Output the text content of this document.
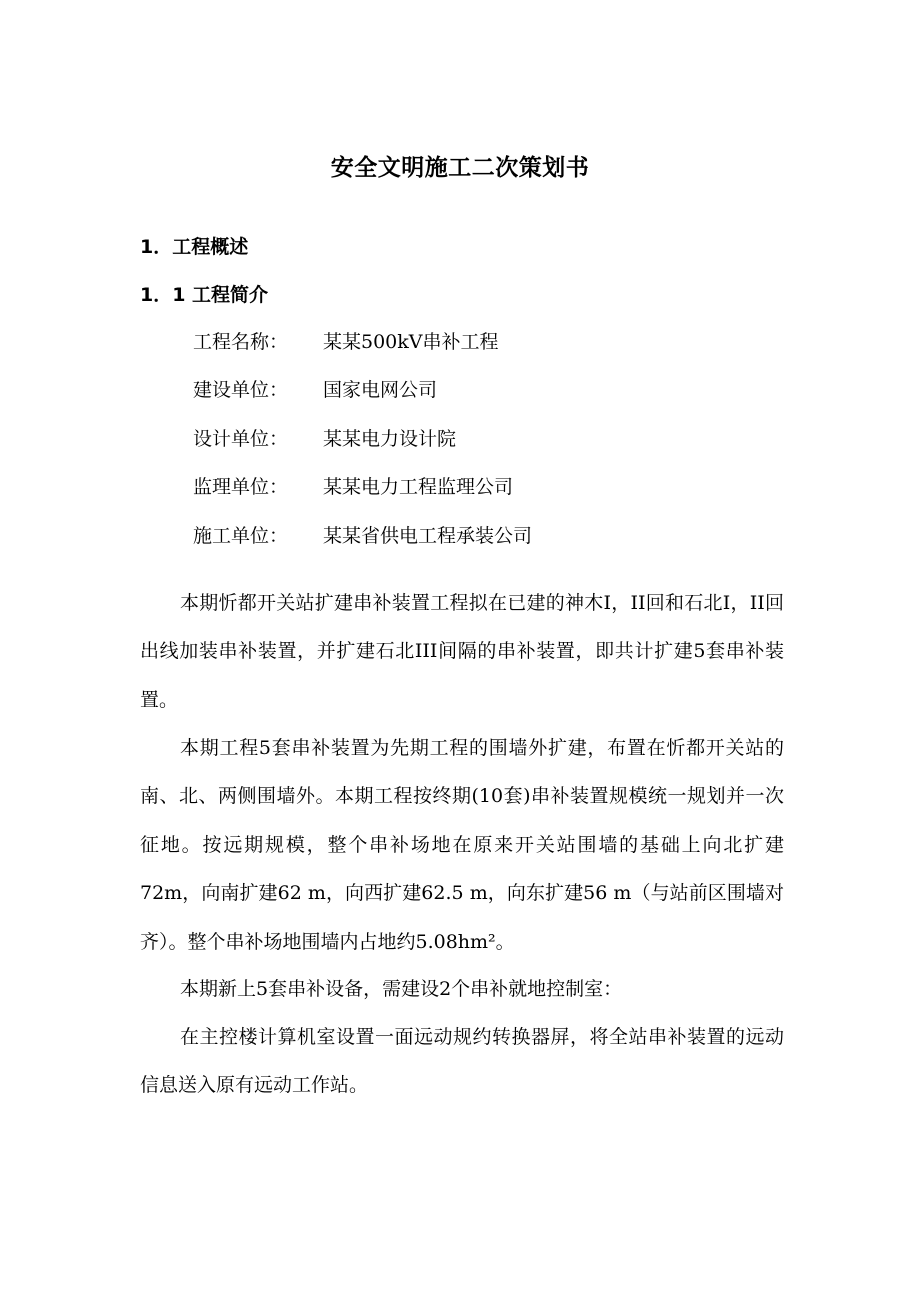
安全文明施工二次策划书
1．工程概述
1．1 工程简介
工程名称： 某某500kV串补工程
建设单位： 国家电网公司
设计单位： 某某电力设计院
监理单位： 某某电力工程监理公司
施工单位： 某某省供电工程承装公司

本期忻都开关站扩建串补装置工程拟在已建的神木I，II回和石北I，II回出线加装串补装置，并扩建石北III间隔的串补装置，即共计扩建5套串补装置。

本期工程5套串补装置为先期工程的围墙外扩建，布置在忻都开关站的南、北、两侧围墙外。本期工程按终期(10套)串补装置规模统一规划并一次征地。按远期规模，整个串补场地在原来开关站围墙的基础上向北扩建72m，向南扩建62 m，向西扩建62.5 m，向东扩建56 m（与站前区围墙对齐）。整个串补场地围墙内占地约5.08hm²。

本期新上5套串补设备，需建设2个串补就地控制室：

在主控楼计算机室设置一面远动规约转换器屏，将全站串补装置的远动信息送入原有远动工作站。
